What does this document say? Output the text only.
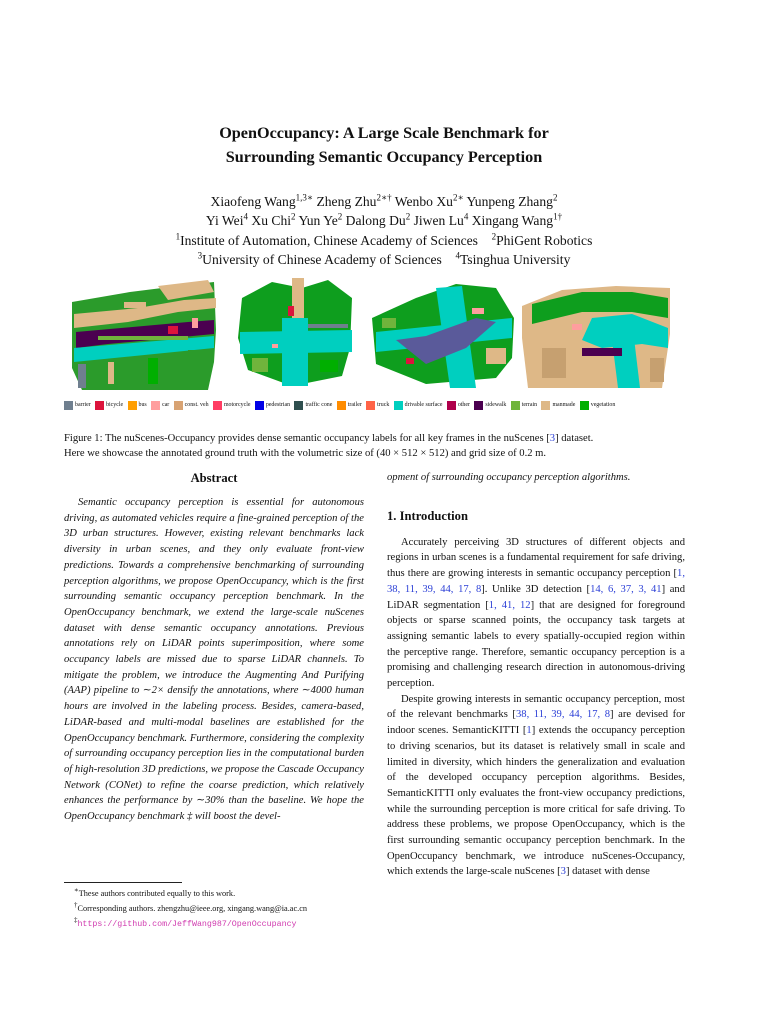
OpenOccupancy: A Large Scale Benchmark for
Surrounding Semantic Occupancy Perception
Xiaofeng Wang$^{1,3∗}$ Zheng Zhu$^{2∗\dagger}$ Wenbo $Xu^{2∗}$ Yunpeng Zhang$^2$
Yi Wei$^4$ Xu Chi$^2$ Yun Ye$^2$ Dalong Du$^2$ Jiwen Lu$^4$ Xingang Wang$^{1\dagger}$
$^1$Institute of Automation, Chinese Academy of Sciences  $^2$PhiGent Robotics
$^3$University of Chinese Academy of Sciences  $^4$Tsinghua University
barrier	bicycle	bus	car	const. veh	motorcycle	pedestrian	traffic cone	trailer	truck	drivable surface	other	sidewalk	terrain	manmade	vegetation
Figure 1: The nuScenes-Occupancy provides dense semantic occupancy labels for all key frames in the nuScenes [3] dataset.
Here we showcase the annotated ground truth with the volumetric size of (40 × 512 × 512) and grid size of 0.2 m.
Abstract

Semantic occupancy perception is essential for autonomous driving, as automated vehicles require a fine-grained perception of the 3D urban structures. However, existing relevant benchmarks lack diversity in urban scenes, and they only evaluate front-view predictions. Towards a comprehensive benchmarking of surrounding perception algorithms, we propose OpenOccupancy, which is the first surrounding semantic occupancy perception benchmark. In the OpenOccupancy benchmark, we extend the large-scale nuScenes dataset with dense semantic occupancy annotations. Previous annotations rely on LiDAR points superimposition, where some occupancy labels are missed due to sparse LiDAR channels. To mitigate the problem, we introduce the Augmenting And Purifying (AAP) pipeline to ∼2× densify the annotations, where ∼4000 human hours are involved in the labeling process. Besides, camera-based, LiDAR-based and multi-modal baselines are established for the OpenOccupancy benchmark. Furthermore, considering the complexity of surrounding occupancy perception lies in the computational burden of high-resolution 3D predictions, we propose the Cascade Occupancy Network (CONet) to refine the coarse prediction, which relatively enhances the performance by ∼30% than the baseline. We hope the OpenOccupancy benchmark ‡ will boost the devel-

opment of surrounding occupancy perception algorithms.

1. Introduction

Accurately perceiving 3D structures of different objects and regions in urban scenes is a fundamental requirement for safe driving, thus there are growing interests in semantic occupancy perception [1, 38, 11, 39, 44, 17, 8]. Unlike 3D detection [14, 6, 37, 3, 41] and LiDAR segmentation [1, 41, 12] that are designed for foreground objects or sparse scanned points, the occupancy task targets at assigning semantic labels to every spatially-occupied region within the perceptive range. Therefore, semantic occupancy perception is a promising and challenging research direction in autonomous-driving perception.

Despite growing interests in semantic occupancy perception, most of the relevant benchmarks [38, 11, 39, 44, 17, 8] are devised for indoor scenes. SemanticKITTI [1] extends the occupancy perception to driving scenarios, but its dataset is relatively small in scale and limited in diversity, which hinders the generalization and evaluation of the developed occupancy perception algorithms. Besides, SemanticKITTI only evaluates the front-view occupancy predictions, while the surrounding perception is more critical for safe driving. To address these problems, we propose OpenOccupancy, which is the first surrounding semantic occupancy perception benchmark. In the OpenOccupancy benchmark, we introduce nuScenes-Occupancy, which extends the large-scale nuScenes [3] dataset with dense

∗These authors contributed equally to this work.
†Corresponding authors. zhengzhu@ieee.org, xingang.wang@ia.ac.cn
‡https://github.com/JeffWang987/OpenOccupancy
